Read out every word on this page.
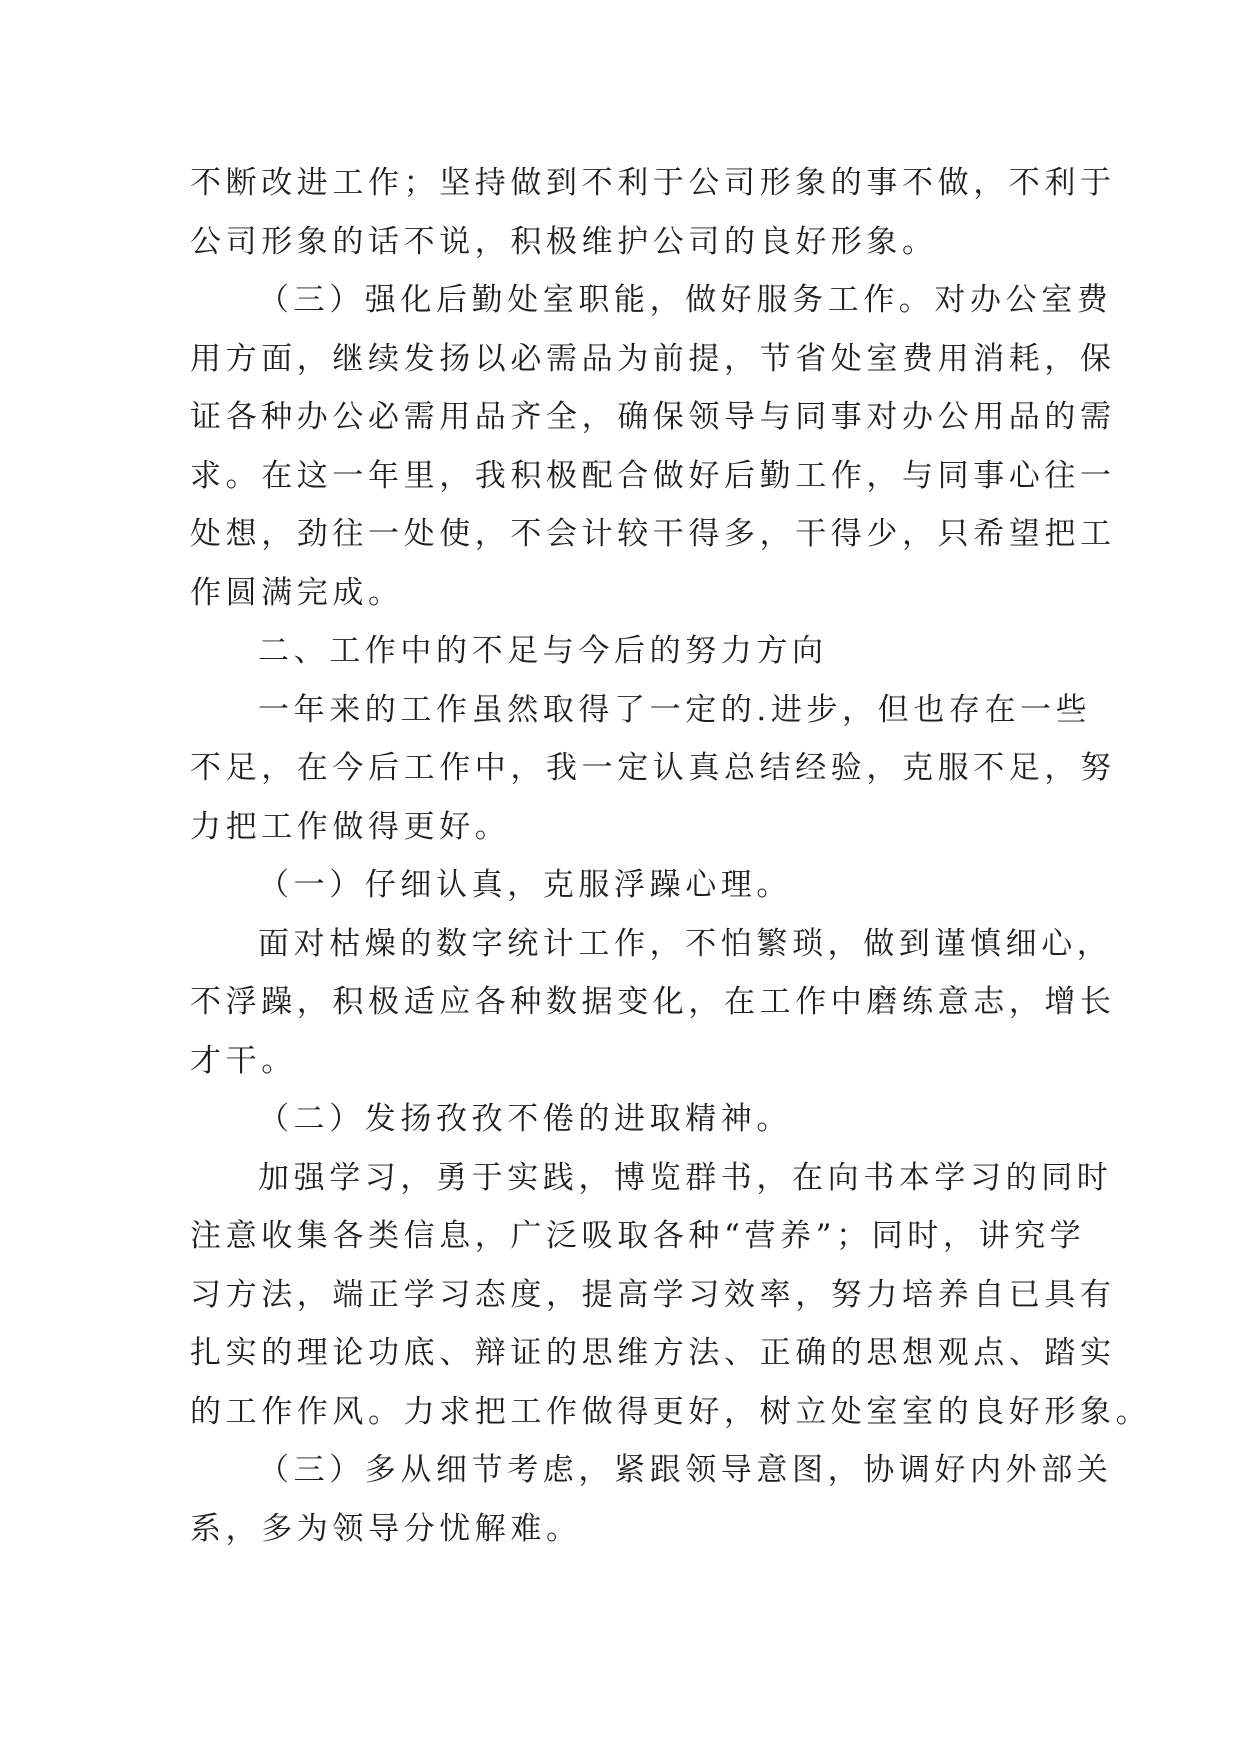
不断改进工作；坚持做到不利于公司形象的事不做，不利于
公司形象的话不说，积极维护公司的良好形象。
（三）强化后勤处室职能，做好服务工作。对办公室费
用方面，继续发扬以必需品为前提，节省处室费用消耗，保
证各种办公必需用品齐全，确保领导与同事对办公用品的需
求。在这一年里，我积极配合做好后勤工作，与同事心往一
处想，劲往一处使，不会计较干得多，干得少，只希望把工
作圆满完成。
二、工作中的不足与今后的努力方向
一年来的工作虽然取得了一定的.进步，但也存在一些
不足，在今后工作中，我一定认真总结经验，克服不足，努
力把工作做得更好。
（一）仔细认真，克服浮躁心理。
面对枯燥的数字统计工作，不怕繁琐，做到谨慎细心，
不浮躁，积极适应各种数据变化，在工作中磨练意志，增长
才干。
（二）发扬孜孜不倦的进取精神。
加强学习，勇于实践，博览群书，在向书本学习的同时
注意收集各类信息，广泛吸取各种“营养”；同时，讲究学
习方法，端正学习态度，提高学习效率，努力培养自已具有
扎实的理论功底、辩证的思维方法、正确的思想观点、踏实
的工作作风。力求把工作做得更好，树立处室室的良好形象。
（三）多从细节考虑，紧跟领导意图，协调好内外部关
系，多为领导分忧解难。
